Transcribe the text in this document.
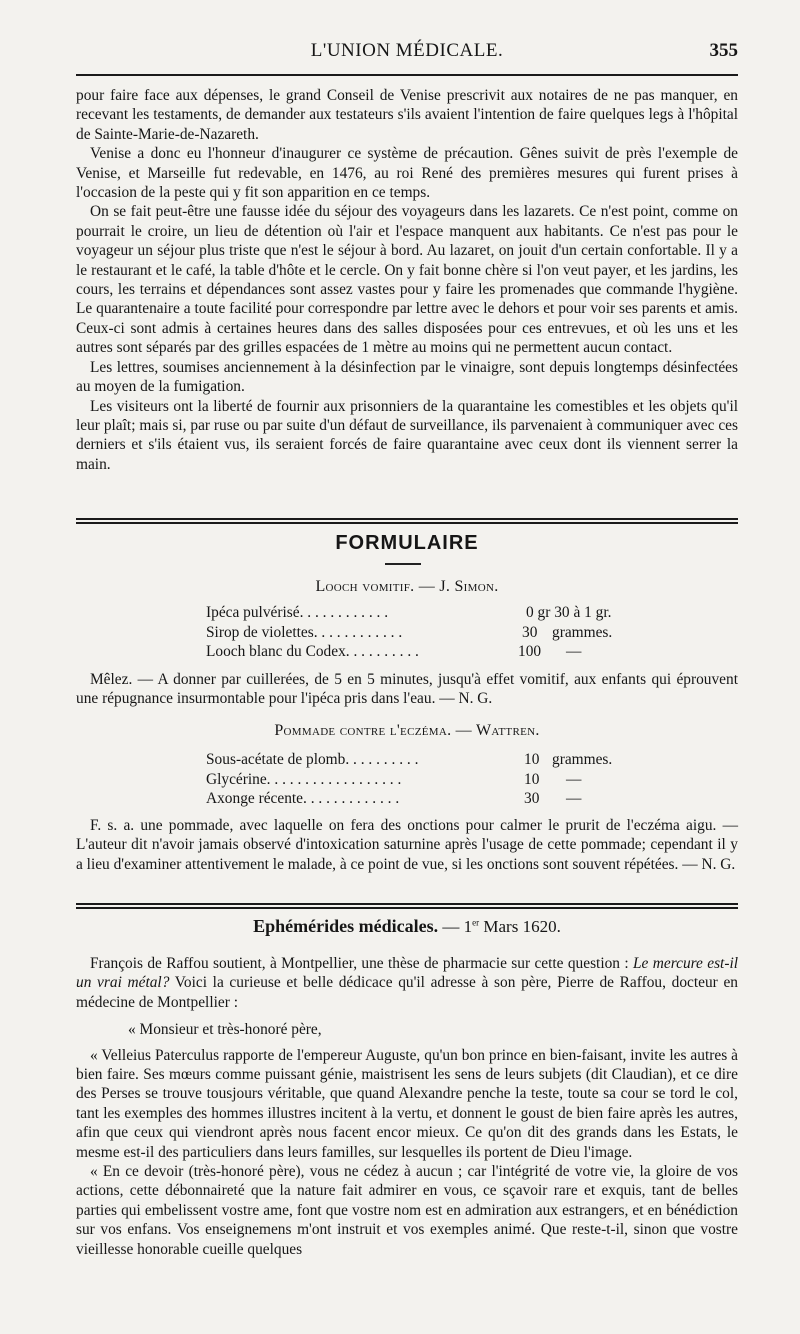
L'UNION MÉDICALE.	355

pour faire face aux dépenses, le grand Conseil de Venise prescrivit aux notaires de ne pas manquer, en recevant les testaments, de demander aux testateurs s'ils avaient l'intention de faire quelques legs à l'hôpital de Sainte-Marie-de-Nazareth.

Venise a donc eu l'honneur d'inaugurer ce système de précaution. Gênes suivit de près l'exemple de Venise, et Marseille fut redevable, en 1476, au roi René des premières mesures qui furent prises à l'occasion de la peste qui y fit son apparition en ce temps.

On se fait peut-être une fausse idée du séjour des voyageurs dans les lazarets. Ce n'est point, comme on pourrait le croire, un lieu de détention où l'air et l'espace manquent aux habitants. Ce n'est pas pour le voyageur un séjour plus triste que n'est le séjour à bord. Au lazaret, on jouit d'un certain confortable. Il y a le restaurant et le café, la table d'hôte et le cercle. On y fait bonne chère si l'on veut payer, et les jardins, les cours, les terrains et dépendances sont assez vastes pour y faire les promenades que commande l'hygiène. Le quarantenaire a toute facilité pour correspondre par lettre avec le dehors et pour voir ses parents et amis. Ceux-ci sont admis à certaines heures dans des salles disposées pour ces entrevues, et où les uns et les autres sont séparés par des grilles espacées de 1 mètre au moins qui ne permettent aucun contact.

Les lettres, soumises anciennement à la désinfection par le vinaigre, sont depuis longtemps désinfectées au moyen de la fumigation.

Les visiteurs ont la liberté de fournir aux prisonniers de la quarantaine les comestibles et les objets qu'il leur plaît; mais si, par ruse ou par suite d'un défaut de surveillance, ils parvenaient à communiquer avec ces derniers et s'ils étaient vus, ils seraient forcés de faire quarantaine avec ceux dont ils viennent serrer la main.

FORMULAIRE
Looch vomitif. — J. Simon.
Ipéca pulvérisé. . . . . . . . . . . .	0 gr 30 à 1 gr.
Sirop de violettes. . . . . . . . . . . .	30 grammes.
Looch blanc du Codex. . . . . . . . . .	100 —

Mêlez. — A donner par cuillerées, de 5 en 5 minutes, jusqu'à effet vomitif, aux enfants qui éprouvent une répugnance insurmontable pour l'ipéca pris dans l'eau. — N. G.

Pommade contre l'eczéma. — Wattren.
Sous-acétate de plomb. . . . . . . . . .	10 grammes.
Glycérine. . . . . . . . . . . . . . . . . .	10 —
Axonge récente. . . . . . . . . . . . .	30 —

F. s. a. une pommade, avec laquelle on fera des onctions pour calmer le prurit de l'eczéma aigu. — L'auteur dit n'avoir jamais observé d'intoxication saturnine après l'usage de cette pommade; cependant il y a lieu d'examiner attentivement le malade, à ce point de vue, si les onctions sont souvent répétées. — N. G.

Ephémérides médicales. — 1er Mars 1620.

François de Raffou soutient, à Montpellier, une thèse de pharmacie sur cette question : Le mercure est-il un vrai métal? Voici la curieuse et belle dédicace qu'il adresse à son père, Pierre de Raffou, docteur en médecine de Montpellier :

« Monsieur et très-honoré père,

« Velleius Paterculus rapporte de l'empereur Auguste, qu'un bon prince en bien-faisant, invite les autres à bien faire. Ses mœurs comme puissant génie, maistrisent les sens de leurs subjets (dit Claudian), et ce dire des Perses se trouve tousjours véritable, que quand Alexandre penche la teste, toute sa cour se tord le col, tant les exemples des hommes illustres incitent à la vertu, et donnent le goust de bien faire après les autres, afin que ceux qui viendront après nous facent encor mieux. Ce qu'on dit des grands dans les Estats, le mesme est-il des particuliers dans leurs familles, sur lesquelles ils portent de Dieu l'image.

« En ce devoir (très-honoré père), vous ne cédez à aucun ; car l'intégrité de votre vie, la gloire de vos actions, cette débonnaireté que la nature fait admirer en vous, ce sçavoir rare et exquis, tant de belles parties qui embelissent vostre ame, font que vostre nom est en admiration aux estrangers, et en bénédiction sur vos enfans. Vos enseignemens m'ont instruit et vos exemples animé. Que reste-t-il, sinon que vostre vieillesse honorable cueille quelques
